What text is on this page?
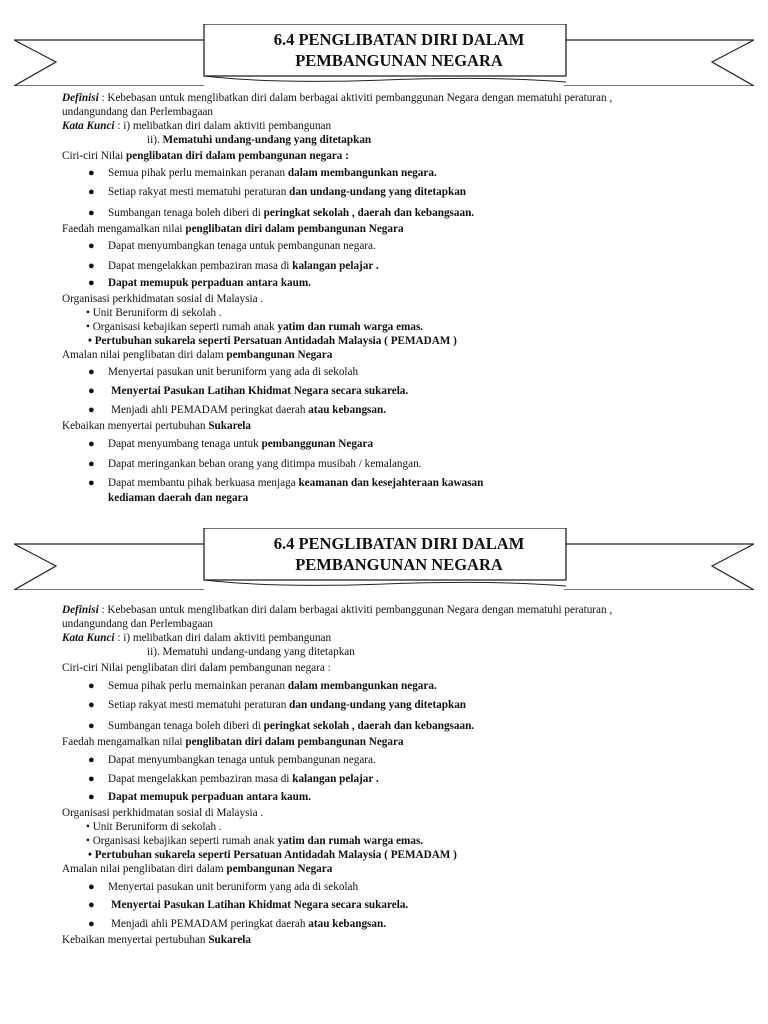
6.4 PENGLIBATAN DIRI DALAM
PEMBANGUNAN NEGARA
Definisi : Kebebasan untuk menglibatkan diri dalam berbagai aktiviti pembanggunan Negara dengan mematuhi peraturan ,
undangundang dan Perlembagaan
Kata Kunci : i) melibatkan diri dalam aktiviti pembangunan
ii). Mematuhi undang-undang yang ditetapkan
Ciri-ciri Nilai penglibatan diri dalam pembangunan negara :
● Semua pihak perlu memainkan peranan dalam membangunkan negara.
● Setiap rakyat mesti mematuhi peraturan dan undang-undang yang ditetapkan
● Sumbangan tenaga boleh diberi di peringkat sekolah , daerah dan kebangsaan.
Faedah mengamalkan nilai penglibatan diri dalam pembangunan Negara
● Dapat menyumbangkan tenaga untuk pembangunan negara.
● Dapat mengelakkan pembaziran masa di kalangan pelajar .
● Dapat memupuk perpaduan antara kaum.
Organisasi perkhidmatan sosial di Malaysia .
• Unit Beruniform di sekolah .
• Organisasi kebajikan seperti rumah anak yatim dan rumah warga emas.
• Pertubuhan sukarela seperti Persatuan Antidadah Malaysia ( PEMADAM )
Amalan nilai penglibatan diri dalam pembangunan Negara
● Menyertai pasukan unit beruniform yang ada di sekolah
● Menyertai Pasukan Latihan Khidmat Negara secara sukarela.
● Menjadi ahli PEMADAM peringkat daerah atau kebangsan.
Kebaikan menyertai pertubuhan Sukarela
● Dapat menyumbang tenaga untuk pembanggunan Negara
● Dapat meringankan beban orang yang ditimpa musibah / kemalangan.
● Dapat membantu pihak berkuasa menjaga keamanan dan kesejahteraan kawasan
kediaman daerah dan negara
6.4 PENGLIBATAN DIRI DALAM
PEMBANGUNAN NEGARA
Definisi : Kebebasan untuk menglibatkan diri dalam berbagai aktiviti pembanggunan Negara dengan mematuhi peraturan ,
undangundang dan Perlembagaan
Kata Kunci : i) melibatkan diri dalam aktiviti pembangunan
ii). Mematuhi undang-undang yang ditetapkan
Ciri-ciri Nilai penglibatan diri dalam pembangunan negara :
● Semua pihak perlu memainkan peranan dalam membangunkan negara.
● Setiap rakyat mesti mematuhi peraturan dan undang-undang yang ditetapkan
● Sumbangan tenaga boleh diberi di peringkat sekolah , daerah dan kebangsaan.
Faedah mengamalkan nilai penglibatan diri dalam pembangunan Negara
● Dapat menyumbangkan tenaga untuk pembangunan negara.
● Dapat mengelakkan pembaziran masa di kalangan pelajar .
● Dapat memupuk perpaduan antara kaum.
Organisasi perkhidmatan sosial di Malaysia .
• Unit Beruniform di sekolah .
• Organisasi kebajikan seperti rumah anak yatim dan rumah warga emas.
• Pertubuhan sukarela seperti Persatuan Antidadah Malaysia ( PEMADAM )
Amalan nilai penglibatan diri dalam pembangunan Negara
● Menyertai pasukan unit beruniform yang ada di sekolah
● Menyertai Pasukan Latihan Khidmat Negara secara sukarela.
● Menjadi ahli PEMADAM peringkat daerah atau kebangsan.
Kebaikan menyertai pertubuhan Sukarela
